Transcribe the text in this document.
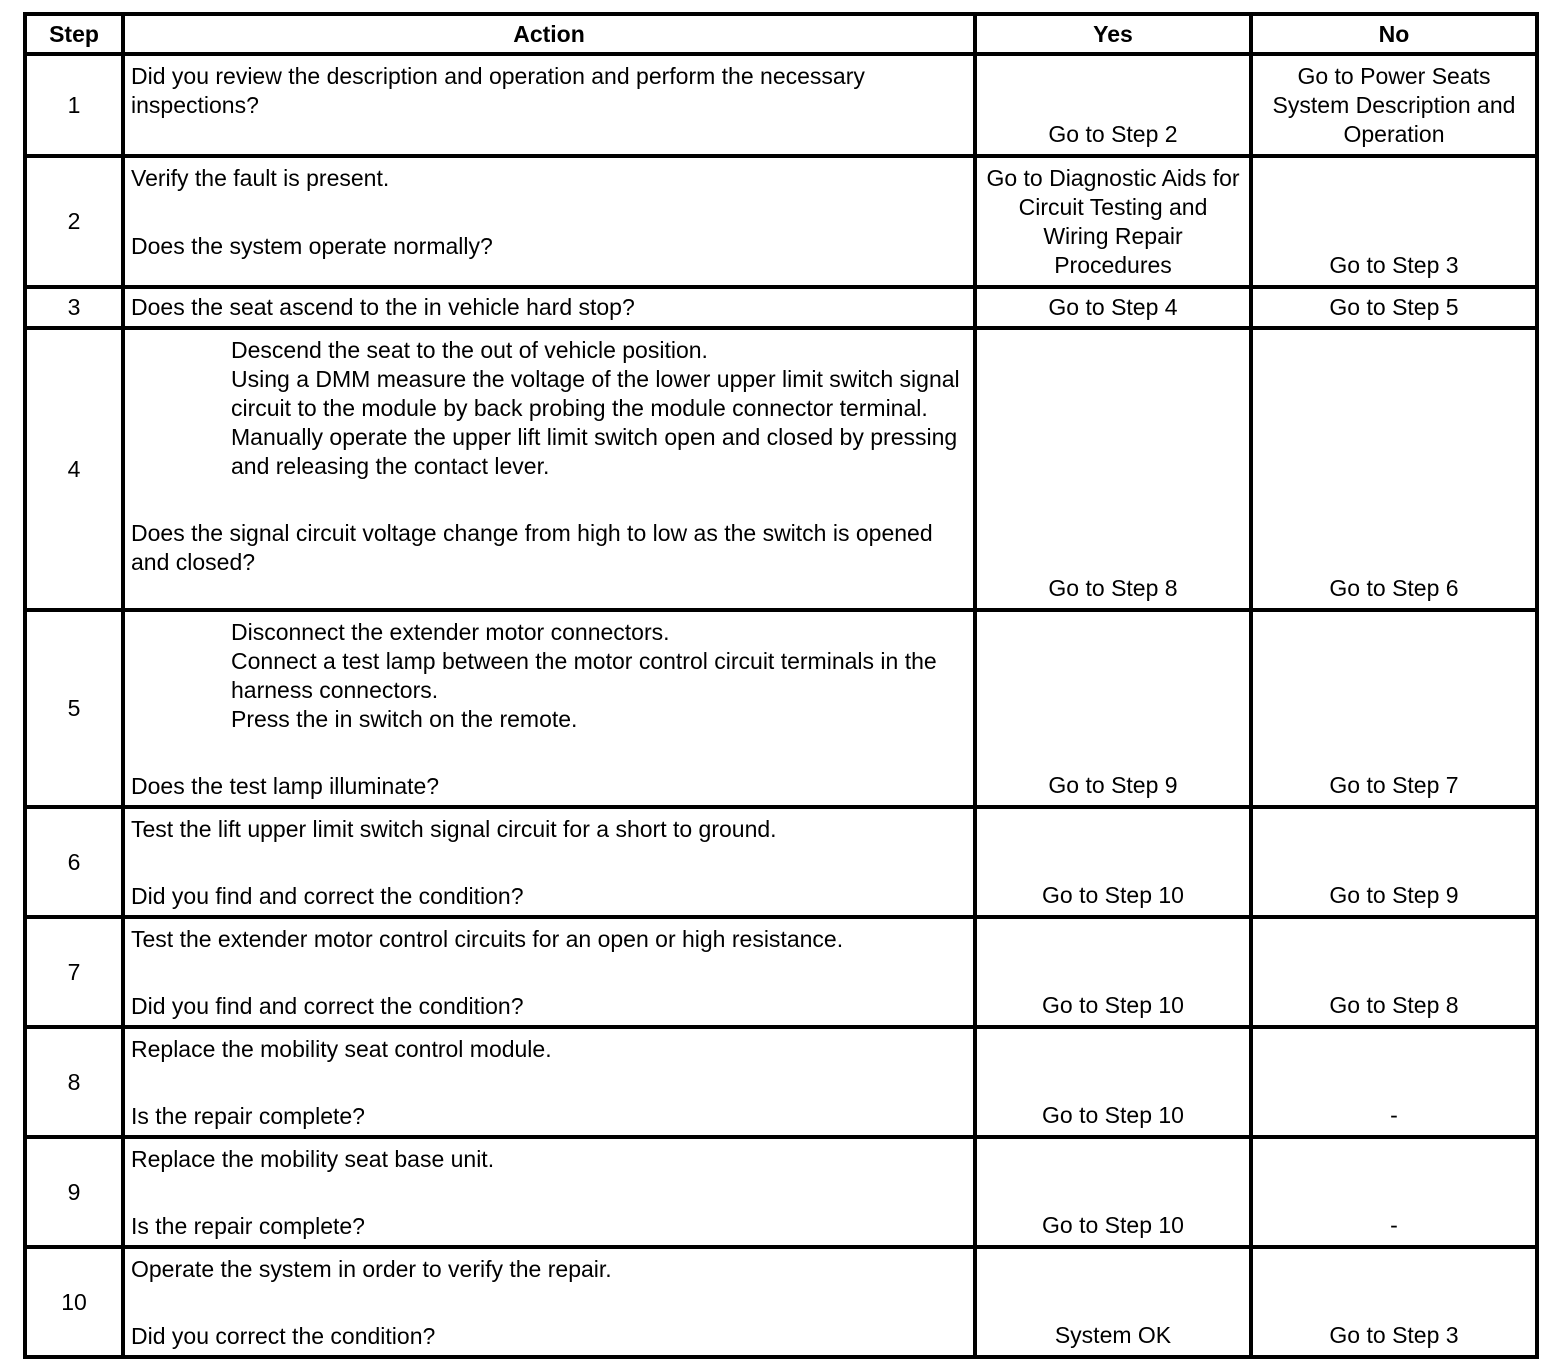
Step	Action	Yes	No
1	Did you review the description and operation and perform the necessary inspections?	Go to Step 2	Go to Power Seats System Description and Operation
2	Verify the fault is present.
Does the system operate normally?	Go to Diagnostic Aids for Circuit Testing and Wiring Repair Procedures	Go to Step 3
3	Does the seat ascend to the in vehicle hard stop?	Go to Step 4	Go to Step 5
4	Descend the seat to the out of vehicle position.
Using a DMM measure the voltage of the lower upper limit switch signal circuit to the module by back probing the module connector terminal.
Manually operate the upper lift limit switch open and closed by pressing and releasing the contact lever.
Does the signal circuit voltage change from high to low as the switch is opened and closed?	Go to Step 8	Go to Step 6
5	Disconnect the extender motor connectors.
Connect a test lamp between the motor control circuit terminals in the harness connectors.
Press the in switch on the remote.
Does the test lamp illuminate?	Go to Step 9	Go to Step 7
6	Test the lift upper limit switch signal circuit for a short to ground.
Did you find and correct the condition?	Go to Step 10	Go to Step 9
7	Test the extender motor control circuits for an open or high resistance.
Did you find and correct the condition?	Go to Step 10	Go to Step 8
8	Replace the mobility seat control module.
Is the repair complete?	Go to Step 10	-
9	Replace the mobility seat base unit.
Is the repair complete?	Go to Step 10	-
10	Operate the system in order to verify the repair.
Did you correct the condition?	System OK	Go to Step 3
